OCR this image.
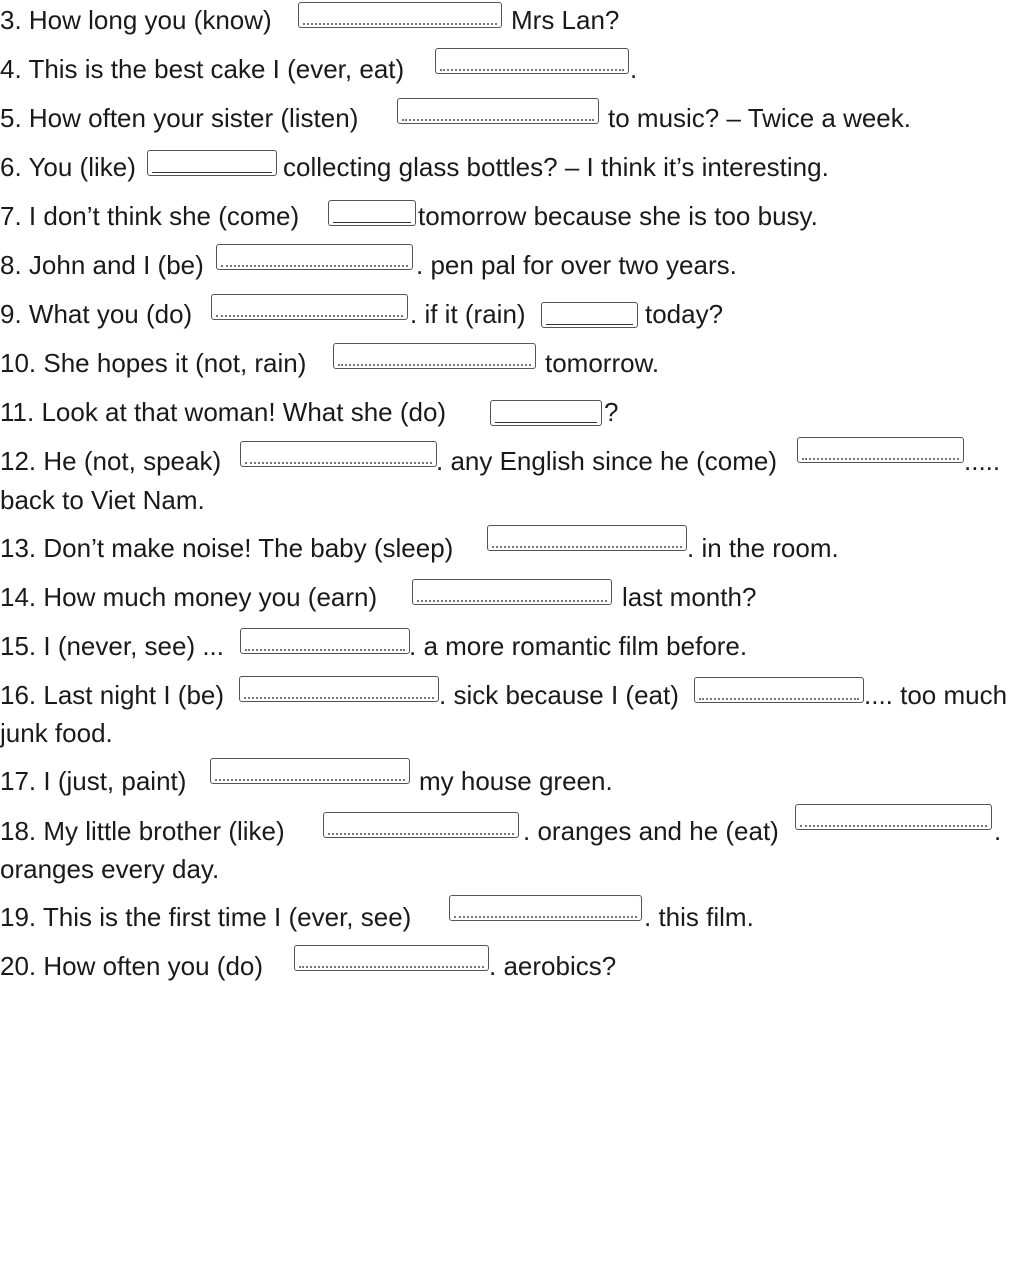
3. How long you (know)	Mrs Lan?
4. This is the best cake I (ever, eat)	.
5. How often your sister (listen)	to music? – Twice a week.
6. You (like)	collecting glass bottles? – I think it’s interesting.
7. I don’t think she (come)	tomorrow because she is too busy.
8. John and I (be)	. pen pal for over two years.
9. What you (do)	. if it (rain)	today?
10. She hopes it (not, rain)	tomorrow.
11. Look at that woman! What she (do)	?
12. He (not, speak)	. any English since he (come)	.....
back to Viet Nam.
13. Don’t make noise! The baby (sleep)	. in the room.
14. How much money you (earn)	last month?
15. I (never, see) ...	. a more romantic film before.
16. Last night I (be)	. sick because I (eat)	.... too much
junk food.
17. I (just, paint)	my house green.
18. My little brother (like)	. oranges and he (eat)	.
oranges every day.
19. This is the first time I (ever, see)	. this film.
20. How often you (do)	. aerobics?
